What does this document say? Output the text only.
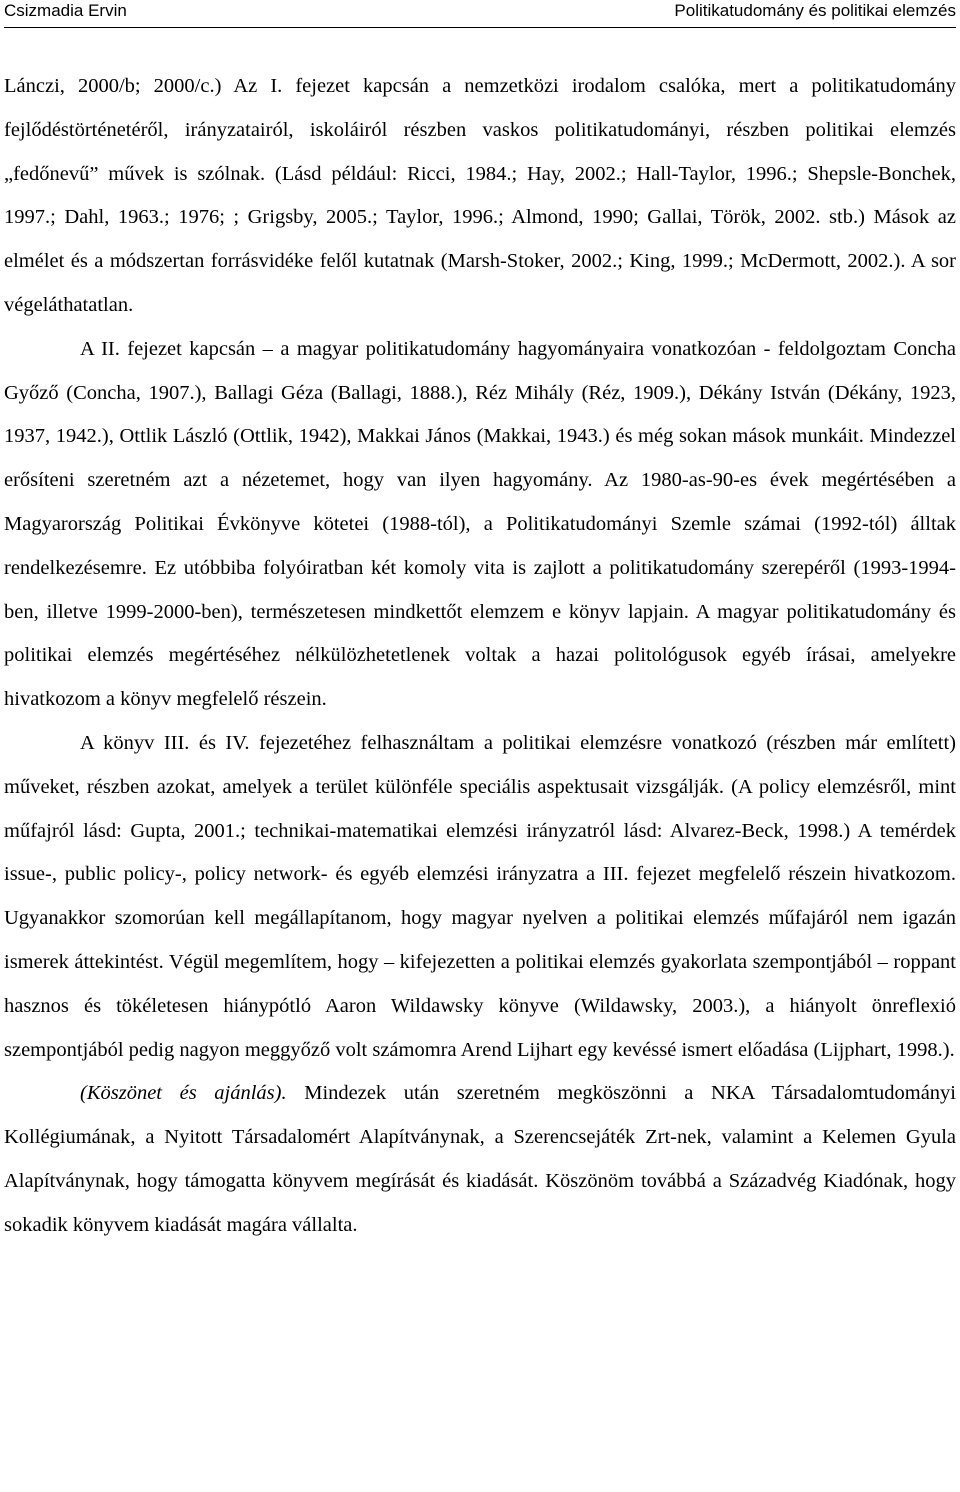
Csizmadia Ervin	Politikatudomány és politikai elemzés

Lánczi, 2000/b; 2000/c.) Az I. fejezet kapcsán a nemzetközi irodalom csalóka, mert a politikatudomány fejlődéstörténetéről, irányzatairól, iskoláiról részben vaskos politikatudományi, részben politikai elemzés „fedőnevű” művek is szólnak. (Lásd például: Ricci, 1984.; Hay, 2002.; Hall-Taylor, 1996.; Shepsle-Bonchek, 1997.; Dahl, 1963.; 1976; ; Grigsby, 2005.; Taylor, 1996.; Almond, 1990; Gallai, Török, 2002. stb.) Mások az elmélet és a módszertan forrásvidéke felől kutatnak (Marsh-Stoker, 2002.; King, 1999.; McDermott, 2002.). A sor végeláthatatlan.

A II. fejezet kapcsán – a magyar politikatudomány hagyományaira vonatkozóan - feldolgoztam Concha Győző (Concha, 1907.), Ballagi Géza (Ballagi, 1888.), Réz Mihály (Réz, 1909.), Dékány István (Dékány, 1923, 1937, 1942.), Ottlik László (Ottlik, 1942), Makkai János (Makkai, 1943.) és még sokan mások munkáit. Mindezzel erősíteni szeretném azt a nézetemet, hogy van ilyen hagyomány. Az 1980-as-90-es évek megértésében a Magyarország Politikai Évkönyve kötetei (1988-tól), a Politikatudományi Szemle számai (1992-tól) álltak rendelkezésemre. Ez utóbbiba folyóiratban két komoly vita is zajlott a politikatudomány szerepéről (1993-1994-ben, illetve 1999-2000-ben), természetesen mindkettőt elemzem e könyv lapjain. A magyar politikatudomány és politikai elemzés megértéséhez nélkülözhetetlenek voltak a hazai politológusok egyéb írásai, amelyekre hivatkozom a könyv megfelelő részein.

A könyv III. és IV. fejezetéhez felhasználtam a politikai elemzésre vonatkozó (részben már említett) műveket, részben azokat, amelyek a terület különféle speciális aspektusait vizsgálják. (A policy elemzésről, mint műfajról lásd: Gupta, 2001.; technikai-matematikai elemzési irányzatról lásd: Alvarez-Beck, 1998.) A temérdek issue-, public policy-, policy network- és egyéb elemzési irányzatra a III. fejezet megfelelő részein hivatkozom. Ugyanakkor szomorúan kell megállapítanom, hogy magyar nyelven a politikai elemzés műfajáról nem igazán ismerek áttekintést. Végül megemlítem, hogy – kifejezetten a politikai elemzés gyakorlata szempontjából – roppant hasznos és tökéletesen hiánypótló Aaron Wildawsky könyve (Wildawsky, 2003.), a hiányolt önreflexió szempontjából pedig nagyon meggyőző volt számomra Arend Lijhart egy kevéssé ismert előadása (Lijphart, 1998.).

(Köszönet és ajánlás). Mindezek után szeretném megköszönni a NKA Társadalomtudományi Kollégiumának, a Nyitott Társadalomért Alapítványnak, a Szerencsejáték Zrt-nek, valamint a Kelemen Gyula Alapítványnak, hogy támogatta könyvem megírását és kiadását. Köszönöm továbbá a Századvég Kiadónak, hogy sokadik könyvem kiadását magára vállalta.
